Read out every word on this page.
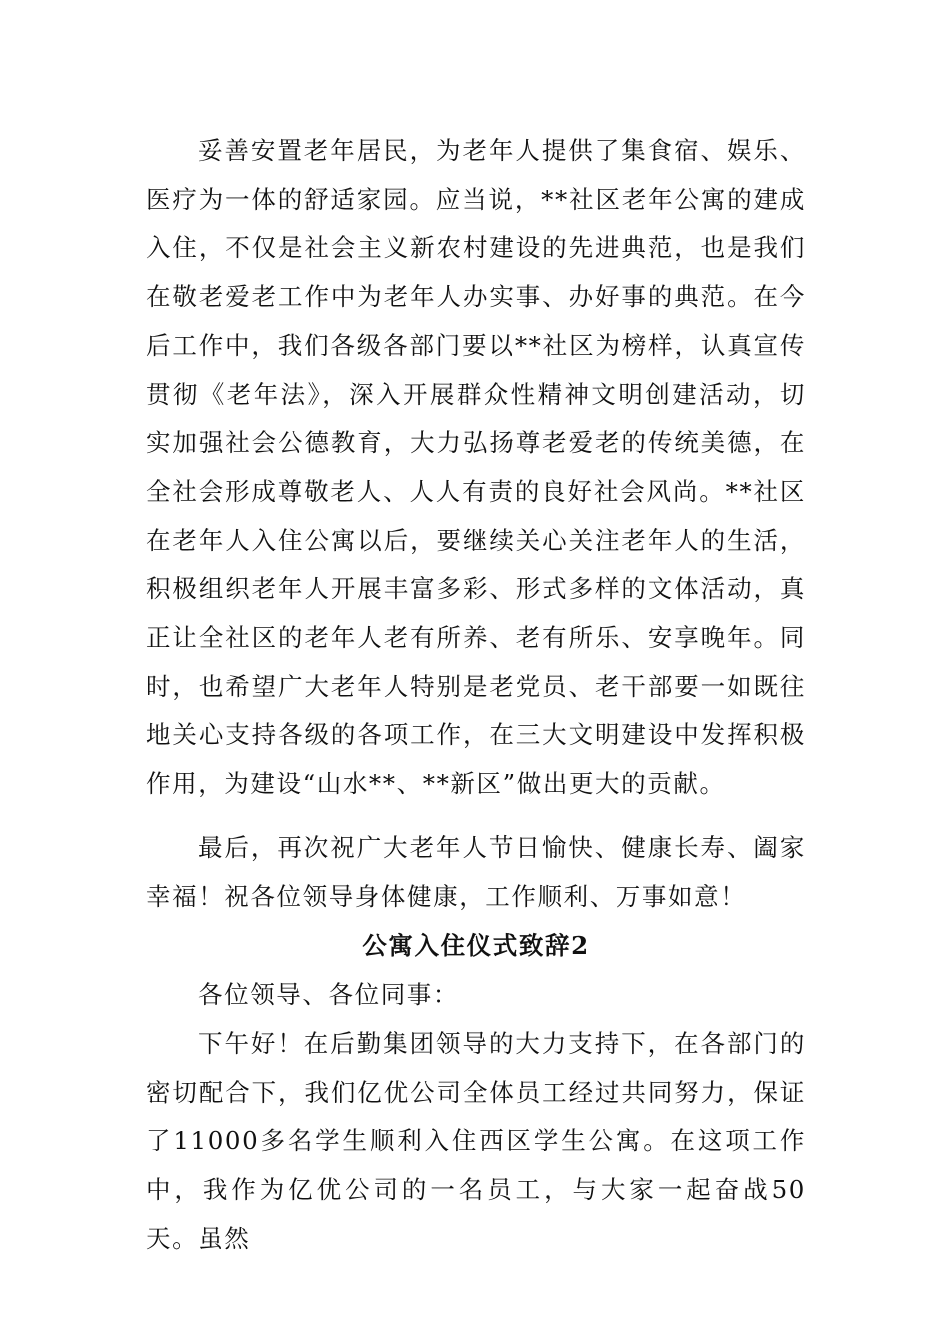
妥善安置老年居民，为老年人提供了集食宿、娱乐、医疗为一体的舒适家园。应当说，**社区老年公寓的建成入住，不仅是社会主义新农村建设的先进典范，也是我们在敬老爱老工作中为老年人办实事、办好事的典范。在今后工作中，我们各级各部门要以**社区为榜样，认真宣传贯彻《老年法》，深入开展群众性精神文明创建活动，切实加强社会公德教育，大力弘扬尊老爱老的传统美德，在全社会形成尊敬老人、人人有责的良好社会风尚。**社区在老年人入住公寓以后，要继续关心关注老年人的生活，积极组织老年人开展丰富多彩、形式多样的文体活动，真正让全社区的老年人老有所养、老有所乐、安享晚年。同时，也希望广大老年人特别是老党员、老干部要一如既往地关心支持各级的各项工作，在三大文明建设中发挥积极作用，为建设“山水**、**新区”做出更大的贡献。

最后，再次祝广大老年人节日愉快、健康长寿、阖家幸福！祝各位领导身体健康，工作顺利、万事如意！

公寓入住仪式致辞2

各位领导、各位同事：

下午好！在后勤集团领导的大力支持下，在各部门的密切配合下，我们亿优公司全体员工经过共同努力，保证了11000多名学生顺利入住西区学生公寓。在这项工作中，我作为亿优公司的一名员工，与大家一起奋战50天。虽然
